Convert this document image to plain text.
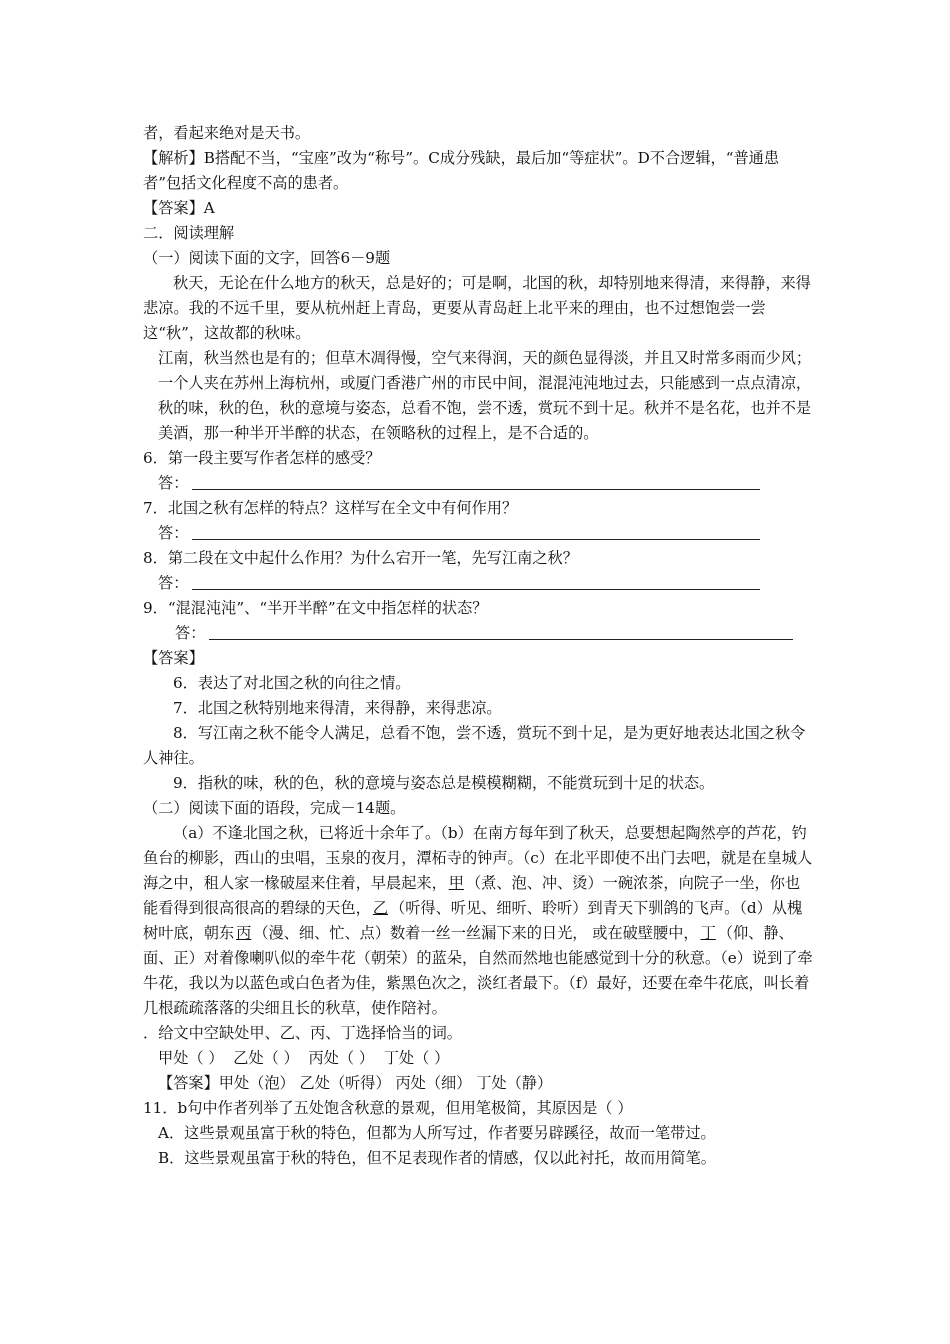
者，看起来绝对是天书。

【解析】B搭配不当，“宝座”改为“称号”。C成分残缺，最后加“等症状”。D不合逻辑，“普通患者”包括文化程度不高的患者。

【答案】A

二．阅读理解

（一）阅读下面的文字，回答6－9题

秋天，无论在什么地方的秋天，总是好的；可是啊，北国的秋，却特别地来得清，来得静，来得悲凉。我的不远千里，要从杭州赶上青岛，更要从青岛赶上北平来的理由，也不过想饱尝一尝这“秋”，这故都的秋味。

江南，秋当然也是有的；但草木凋得慢，空气来得润，天的颜色显得淡，并且又时常多雨而少风；一个人夹在苏州上海杭州，或厦门香港广州的市民中间，混混沌沌地过去，只能感到一点点清凉，秋的味，秋的色，秋的意境与姿态，总看不饱，尝不透，赏玩不到十足。秋并不是名花，也并不是美酒，那一种半开半醉的状态，在领略秋的过程上，是不合适的。

6．第一段主要写作者怎样的感受？

答：

7．北国之秋有怎样的特点？这样写在全文中有何作用？

答：

8．第二段在文中起什么作用？为什么宕开一笔，先写江南之秋？

答：

9．“混混沌沌”、“半开半醉”在文中指怎样的状态？

答：

【答案】

6．表达了对北国之秋的向往之情。

7．北国之秋特别地来得清，来得静，来得悲凉。

8．写江南之秋不能令人满足，总看不饱，尝不透，赏玩不到十足，是为更好地表达北国之秋令人神往。

9．指秋的味，秋的色，秋的意境与姿态总是模模糊糊，不能赏玩到十足的状态。

（二）阅读下面的语段，完成－14题。

（a）不逢北国之秋，已将近十余年了。（b）在南方每年到了秋天，总要想起陶然亭的芦花，钓鱼台的柳影，西山的虫唱，玉泉的夜月，潭柘寺的钟声。（c）在北平即使不出门去吧，就是在皇城人海之中，租人家一椽破屋来住着，早晨起来， 甲 （煮、泡、冲、烫）一碗浓茶，向院子一坐，你也能看得到很高很高的碧绿的天色， 乙 （听得、听见、细听、聆听）到青天下驯鸽的飞声。（d）从槐树叶底，朝东 丙 （漫、细、忙、点）数着一丝一丝漏下来的日光， 或在破壁腰中， 丁 （仰、静、面、正）对着像喇叭似的牵牛花（朝荣）的蓝朵，自然而然地也能感觉到十分的秋意。（e）说到了牵牛花，我以为以蓝色或白色者为佳，紫黑色次之，淡红者最下。（f）最好，还要在牵牛花底，叫长着几根疏疏落落的尖细且长的秋草，使作陪衬。

．给文中空缺处甲、乙、丙、丁选择恰当的词。

甲处（ ）  乙处（ ）  丙处（ ）  丁处（ ）

【答案】甲处（泡） 乙处（听得） 丙处（细） 丁处（静）

11．b句中作者列举了五处饱含秋意的景观，但用笔极简，其原因是（ ）

A．这些景观虽富于秋的特色，但都为人所写过，作者要另辟蹊径，故而一笔带过。

B．这些景观虽富于秋的特色，但不足表现作者的情感，仅以此衬托，故而用简笔。
